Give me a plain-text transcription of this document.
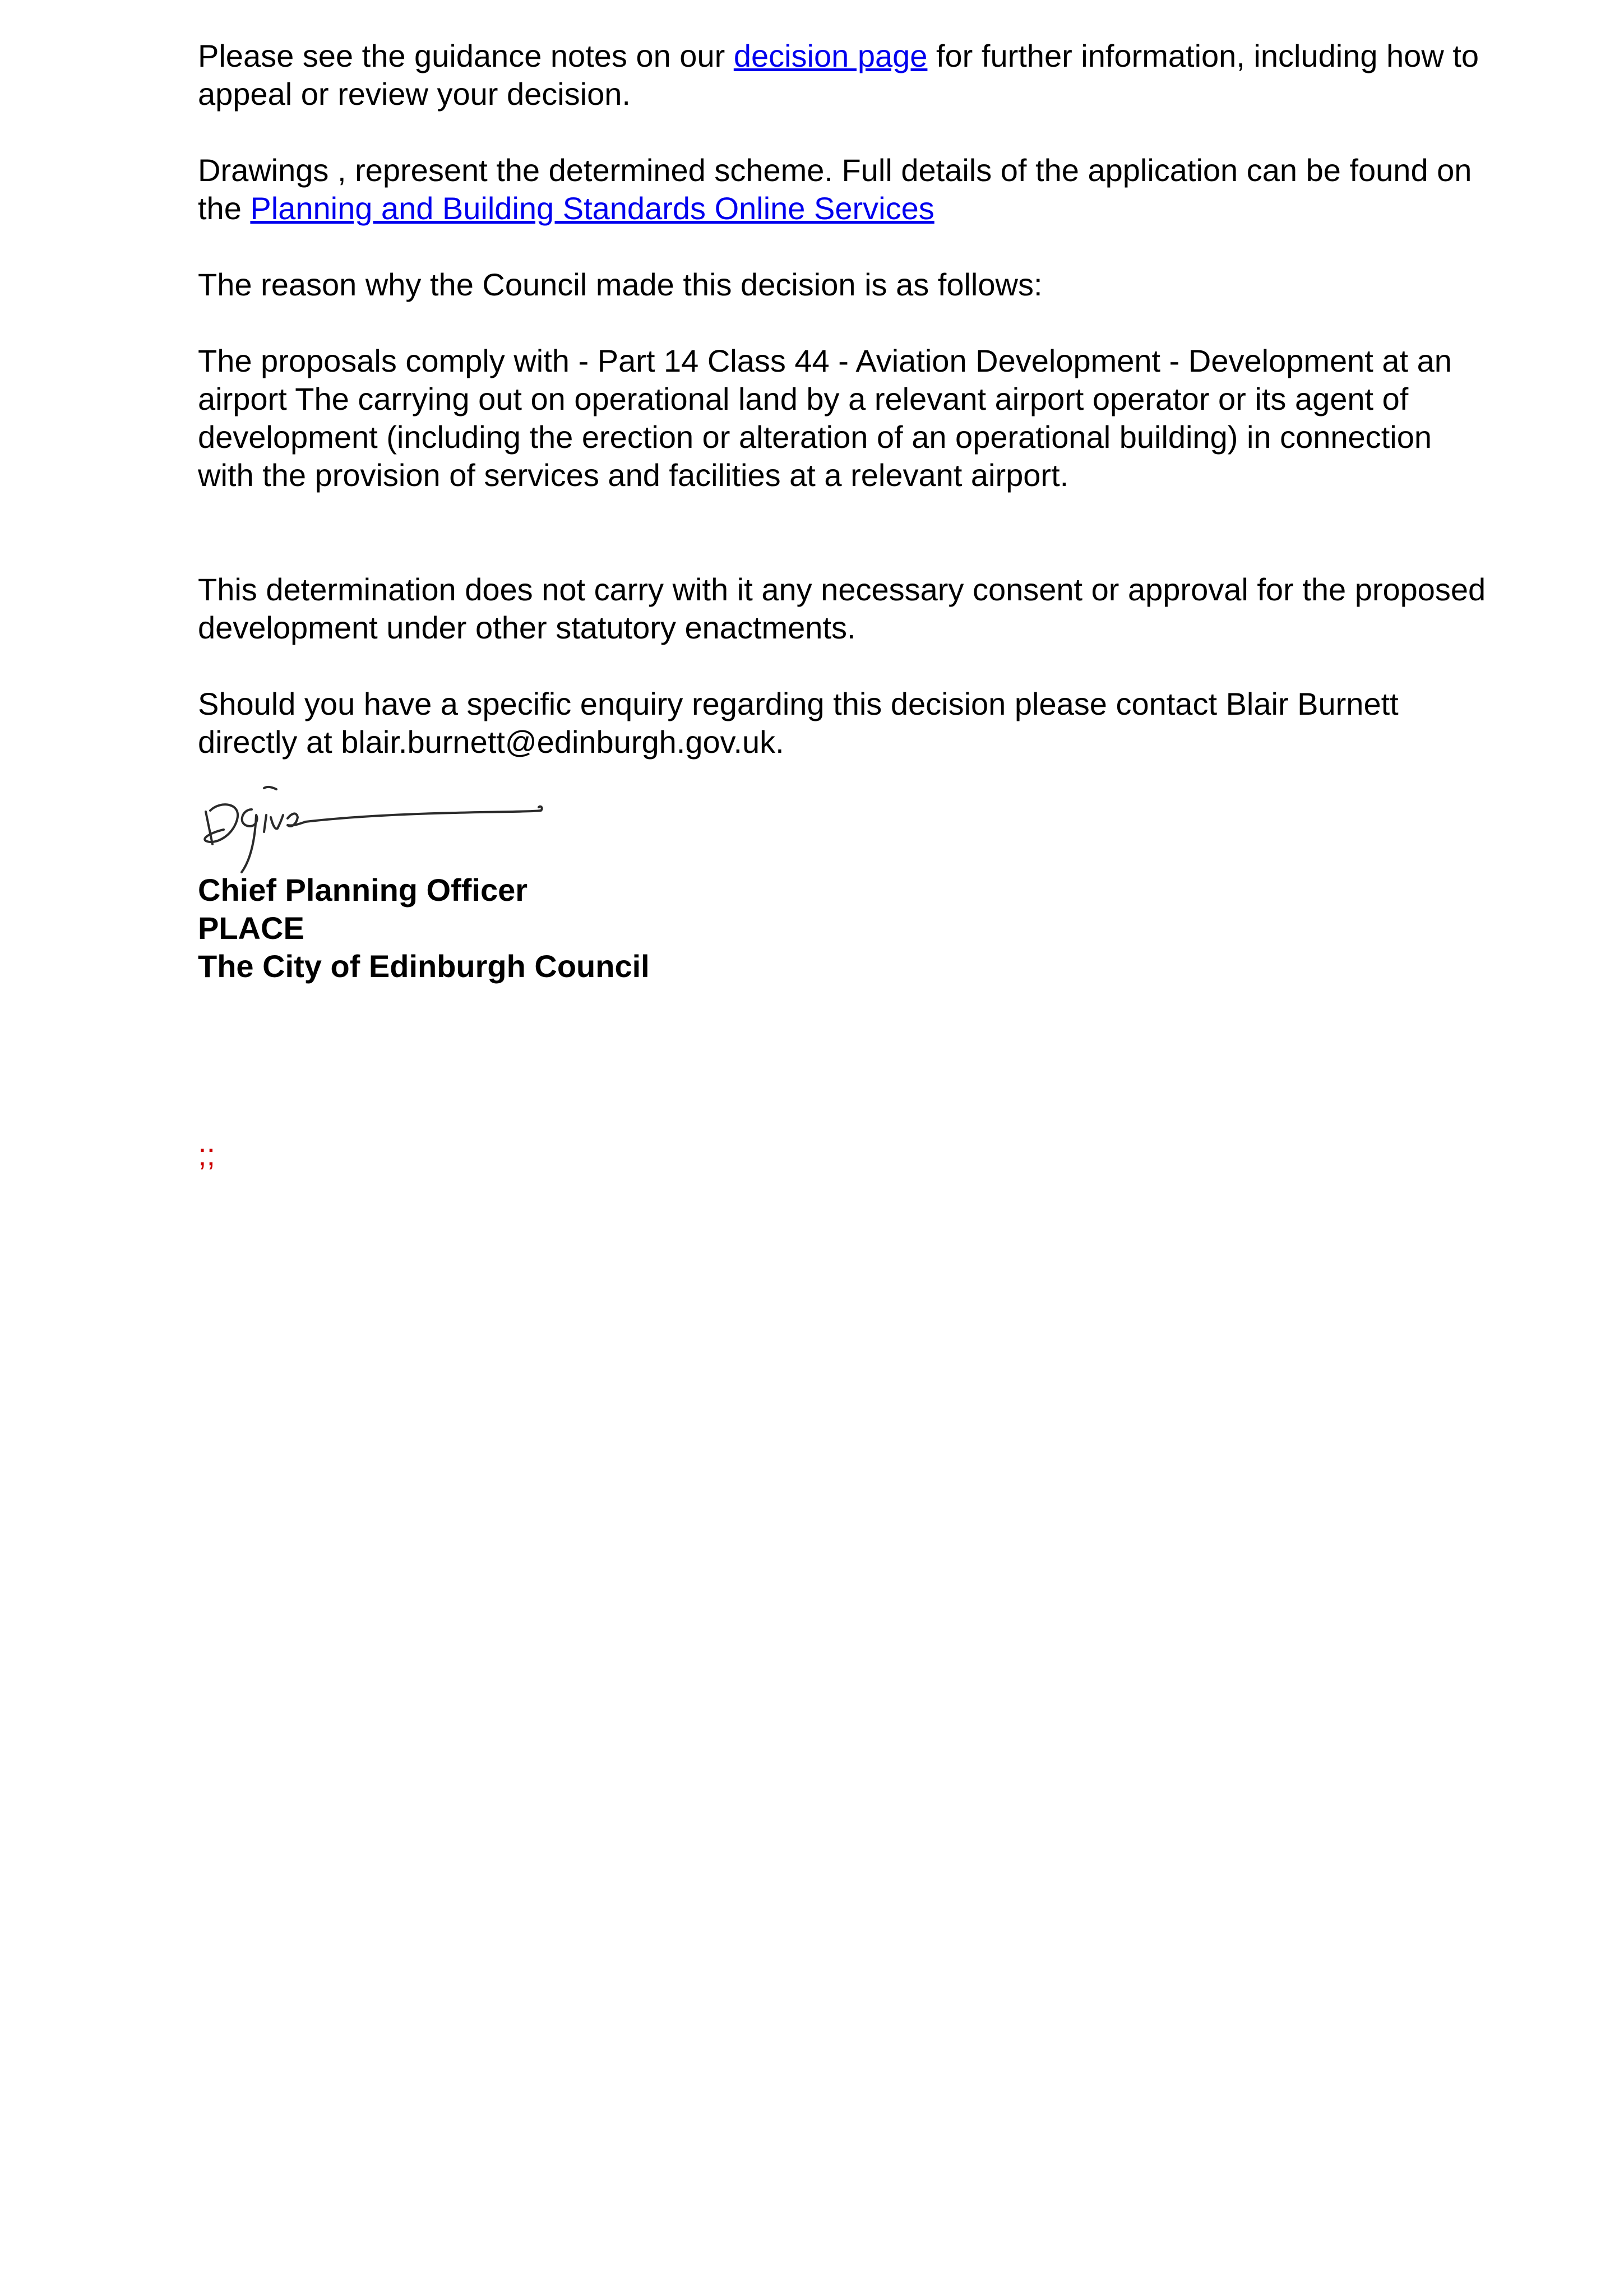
Please see the guidance notes on our decision page for further information, including how to appeal or review your decision.

Drawings , represent the determined scheme. Full details of the application can be found on the Planning and Building Standards Online Services

The reason why the Council made this decision is as follows:

The proposals comply with - Part 14 Class 44 - Aviation Development - Development at an airport The carrying out on operational land by a relevant airport operator or its agent of development (including the erection or alteration of an operational building) in connection with the provision of services and facilities at a relevant airport.

This determination does not carry with it any necessary consent or approval for the proposed development under other statutory enactments.

Should you have a specific enquiry regarding this decision please contact Blair Burnett directly at blair.burnett@edinburgh.gov.uk.

Chief Planning Officer
PLACE
The City of Edinburgh Council
;;
